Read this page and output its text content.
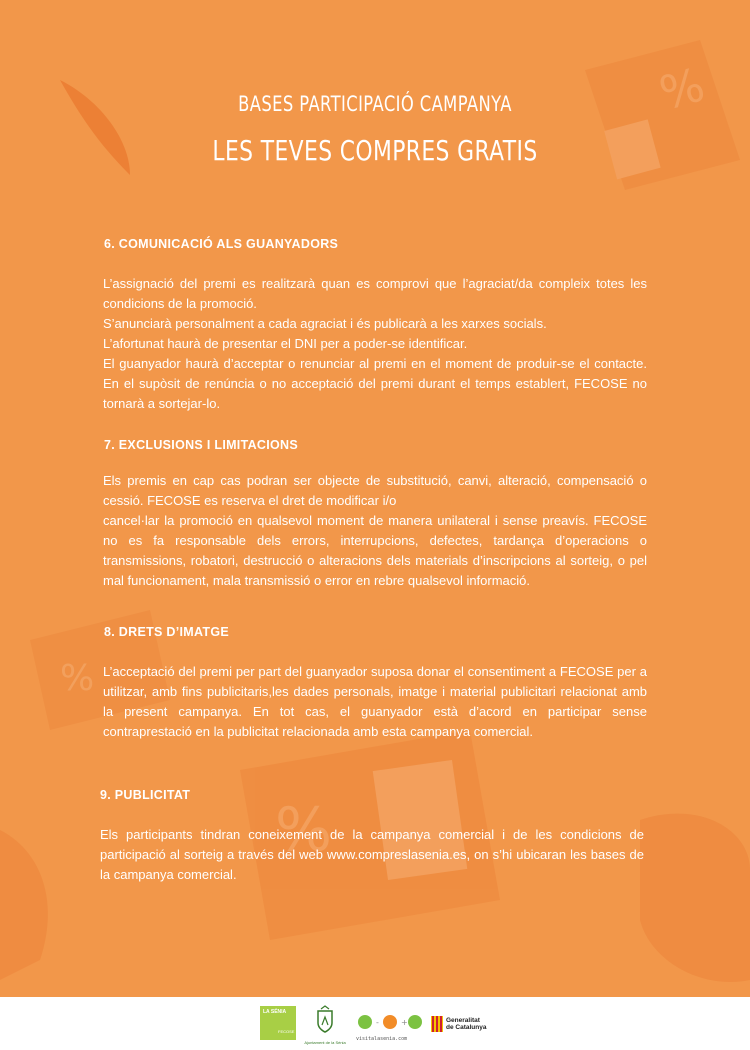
%
%
%
BASES PARTICIPACIÓ CAMPANYA
LES TEVES COMPRES GRATIS
6. COMUNICACIÓ ALS GUANYADORS

L’assignació del premi es realitzarà quan es comprovi que l’agraciat/da compleix totes les condicions de la promoció.

S’anunciarà personalment a cada agraciat i és publicarà a les xarxes socials.

L’afortunat haurà de presentar el DNI per a poder-se identificar.

El guanyador haurà d’acceptar o renunciar al premi en el moment de produir-se el contacte. En el supòsit de renúncia o no acceptació del premi durant el temps establert, FECOSE no tornarà a sortejar-lo.

7. EXCLUSIONS I LIMITACIONS

Els premis en cap cas podran ser objecte de substitució, canvi, alteració, compensació o cessió. FECOSE es reserva el dret de modificar i/o

cancel·lar la promoció en qualsevol moment de manera unilateral i sense preavís. FECOSE no es fa responsable dels errors, interrupcions, defectes, tardança d’operacions o transmissions, robatori, destrucció o alteracions dels materials d’inscripcions al sorteig, o pel mal funcionament, mala transmissió o error en rebre qualsevol informació.

8. DRETS D’IMATGE

L’acceptació del premi per part del guanyador suposa donar el consentiment a FECOSE per a utilitzar, amb fins publicitaris,les dades personals, imatge i material publicitari relacionat amb la present campanya. En tot cas, el guanyador està d’acord en participar sense contraprestació en la publicitat relacionada amb esta campanya comercial.

9. PUBLICITAT

Els participants tindran coneixement de la campanya comercial i de les condicions de participació al sorteig a través del web www.compreslasenia.es, on s’hi ubicaran les bases de la campanya comercial.

LA SÉNIA
FECOSE
Ajuntament de la Sénia
-	+
visitalasenia.com
Generalitat
de Catalunya
